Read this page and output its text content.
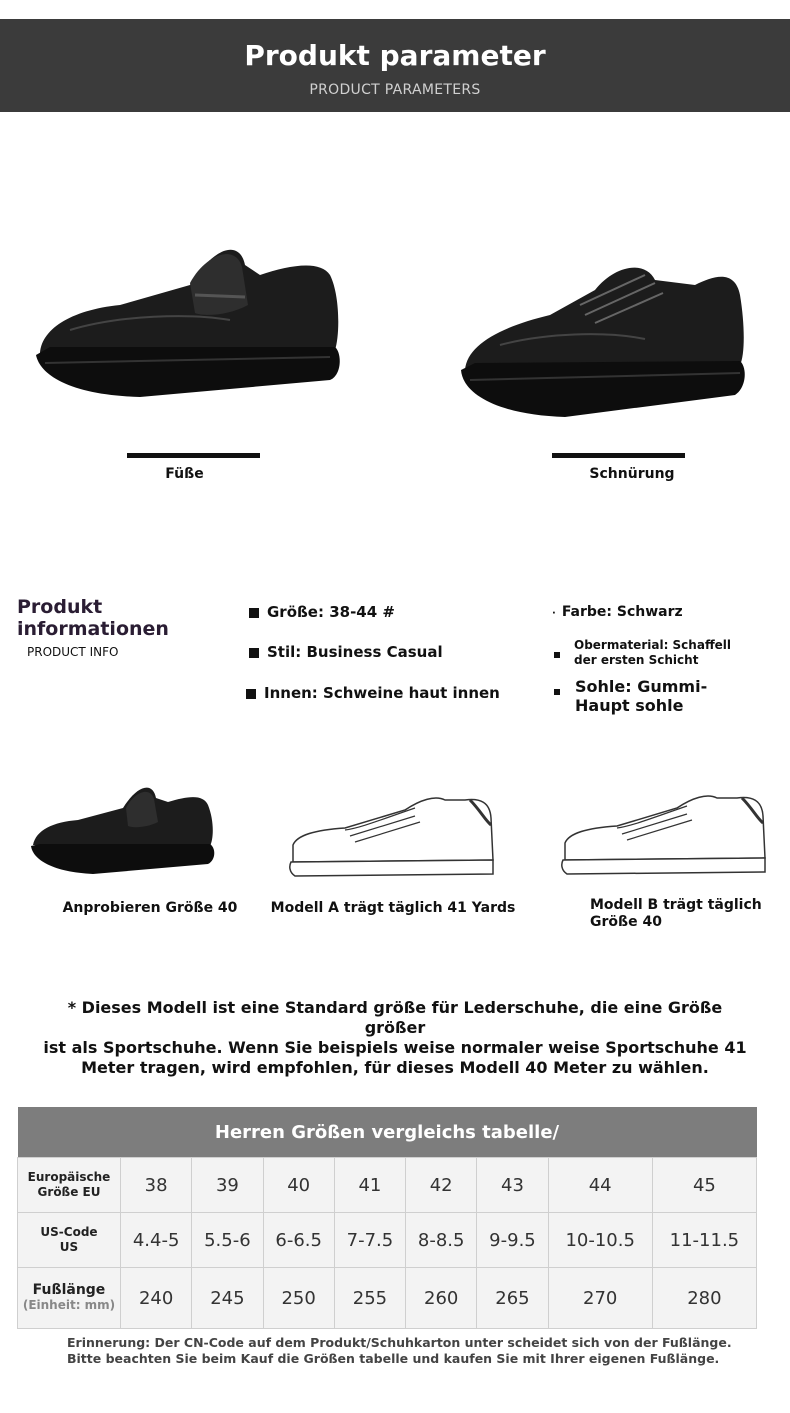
Produkt parameter
PRODUCT PARAMETERS
Füße	Schnürung
Produkt
informationen
PRODUCT INFO
Größe: 38-44 #
Stil: Business Casual
Innen: Schweine haut innen
· Farbe: Schwarz
Obermaterial: Schaffell
der ersten Schicht
Sohle: Gummi-
Haupt sohle
Anprobieren Größe 40 Modell A trägt täglich 41 Yards	Modell B trägt täglich
Größe 40
* Dieses Modell ist eine Standard größe für Lederschuhe, die eine Größe größer
ist als Sportschuhe. Wenn Sie beispiels weise normaler weise Sportschuhe 41
Meter tragen, wird empfohlen, für dieses Modell 40 Meter zu wählen.
Herren Größen vergleichs tabelle/								

Europäische
Größe EU	38	39	40	41	42	43	44	45

US-Code
US	4.4-5	5.5-6	6-6.5	7-7.5	8-8.5	9-9.5	10-10.5	11-11.5

Fußlänge
(Einheit: mm)	240	245	250	255	260	265	270	280
Erinnerung: Der CN-Code auf dem Produkt/Schuhkarton unter scheidet sich von der Fußlänge.
Bitte beachten Sie beim Kauf die Größen tabelle und kaufen Sie mit Ihrer eigenen Fußlänge.
